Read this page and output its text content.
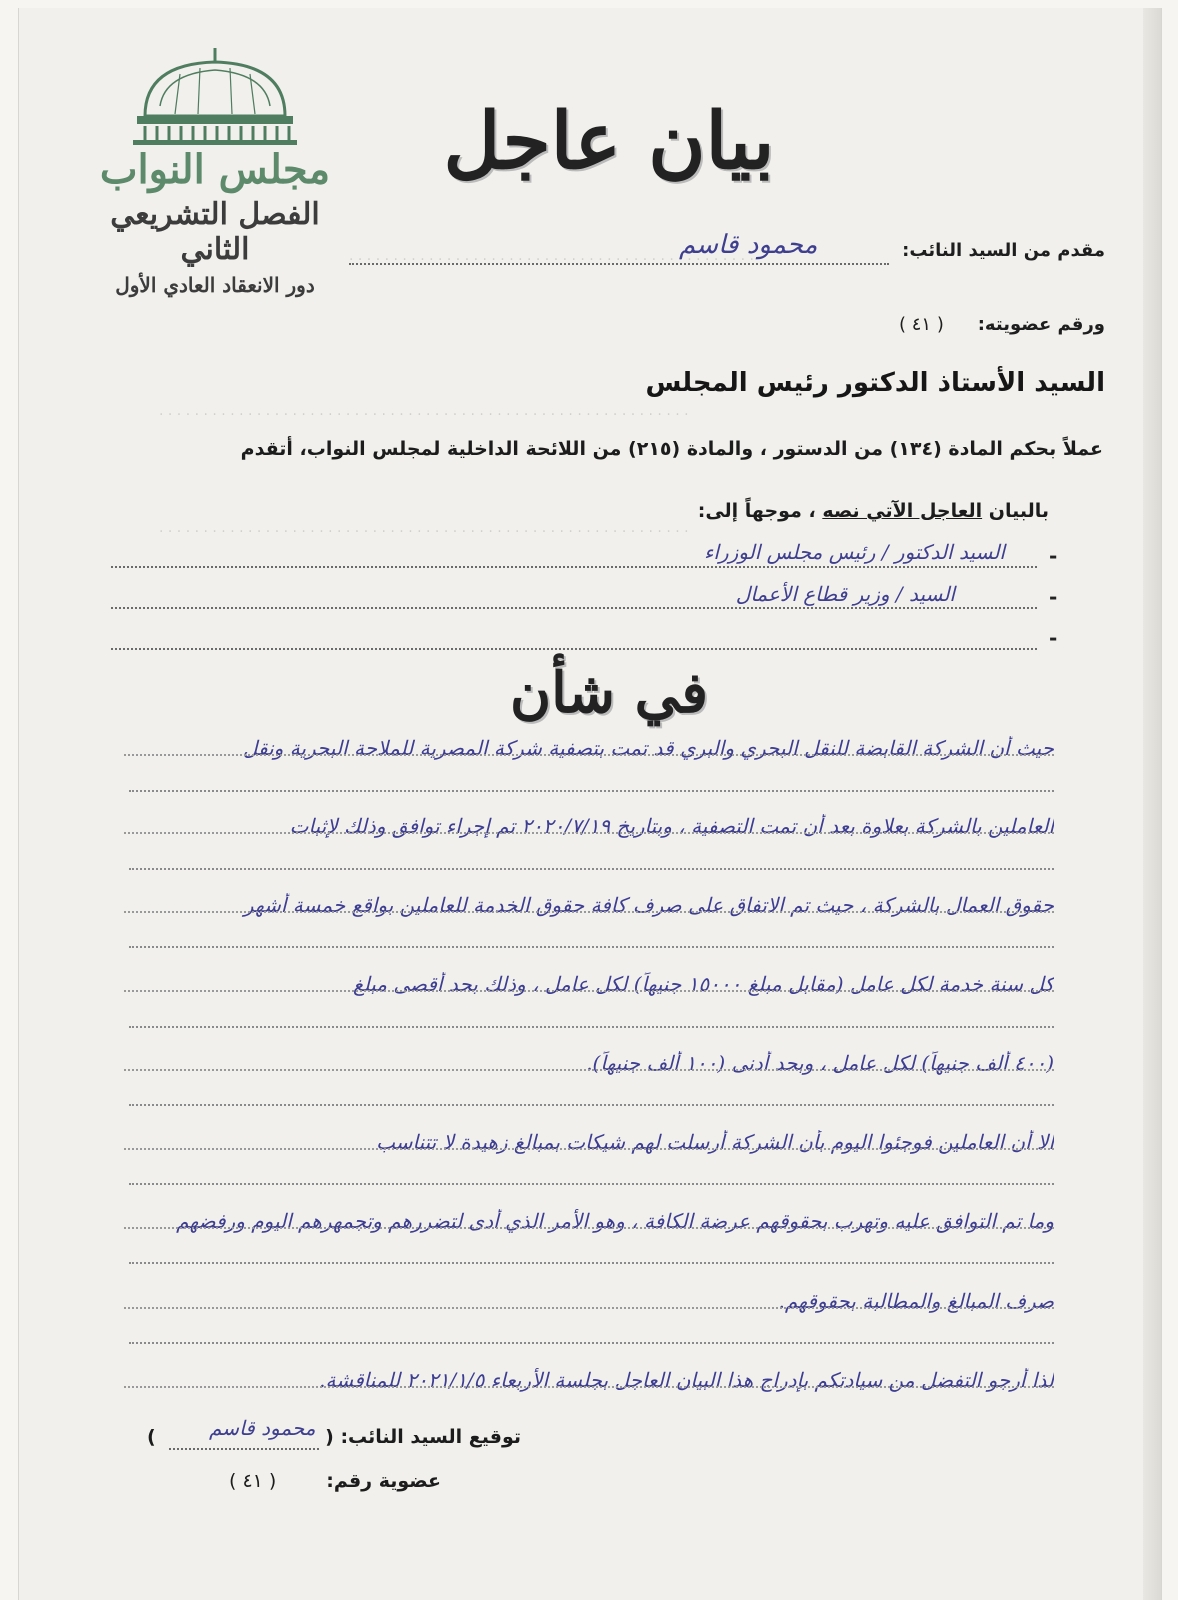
. . . . . . . . . . . . . . . . . . . . . . . . . . . . . . . . . . . . . . . . . . . . . .
. . . . . . . . . . . . . . . . . . . . . . . . . . . . . . . . . . . . . . . . . . . . . . . . . . . . . . . . . . . .
. . . . . . . . . . . . . . . . . . . . . . . . . . . . . . . . . . . . . . . . . . . . . . . . . . . . . . . . . . . .
مجلس النواب
الفصل التشريعي الثاني
دور الانعقاد العادي الأول
بيان عاجل
مقدم من السيد النائب:
محمود قاسم
ورقم عضويته:
( ٤١ )
السيد الأستاذ الدكتور رئيس المجلس
عملاً بحكم المادة (١٣٤) من الدستور ، والمادة (٢١٥) من اللائحة الداخلية لمجلس النواب، أتقدم
بالبيان العاجل الآتي نصه ، موجهاً إلى:
-
السيد الدكتور / رئيس مجلس الوزراء
-
السيد / وزير قطاع الأعمال
-
في شأن
حيث أن الشركة القابضة للنقل البحري والبري قد تمت بتصفية شركة المصرية للملاحة البحرية ونقل
العاملين بالشركة بعلاوة بعد أن تمت التصفية ، وبتاريخ ٢٠٢٠/٧/١٩ تم إجراء توافق وذلك لإثبات
حقوق العمال بالشركة ، حيث تم الاتفاق على صرف كافة حقوق الخدمة للعاملين بواقع خمسة أشهر
كل سنة خدمة لكل عامل (مقابل مبلغ ١٥٠٠٠ جنيهاً) لكل عامل ، وذلك بحد أقصى مبلغ
(٤٠٠ ألف جنيهاً) لكل عامل ، وبحد أدنى (١٠٠ ألف جنيهاً).
الا أن العاملين فوجئوا اليوم بأن الشركة أرسلت لهم شيكات بمبالغ زهيدة لا تتناسب
وما تم التوافق عليه وتهرب بحقوقهم عرضة الكافة ، وهو الأمر الذي أدى لتضررهم وتجمهرهم اليوم ورفضهم
صرف المبالغ والمطالبة بحقوقهم.
لذا أرجو التفضل من سيادتكم بإدراج هذا البيان العاجل بجلسة الأربعاء ٢٠٢١/١/٥ للمناقشة.
توقيع السيد النائب: (
محمود قاسم
)
عضوية رقم:
( ٤١ )
